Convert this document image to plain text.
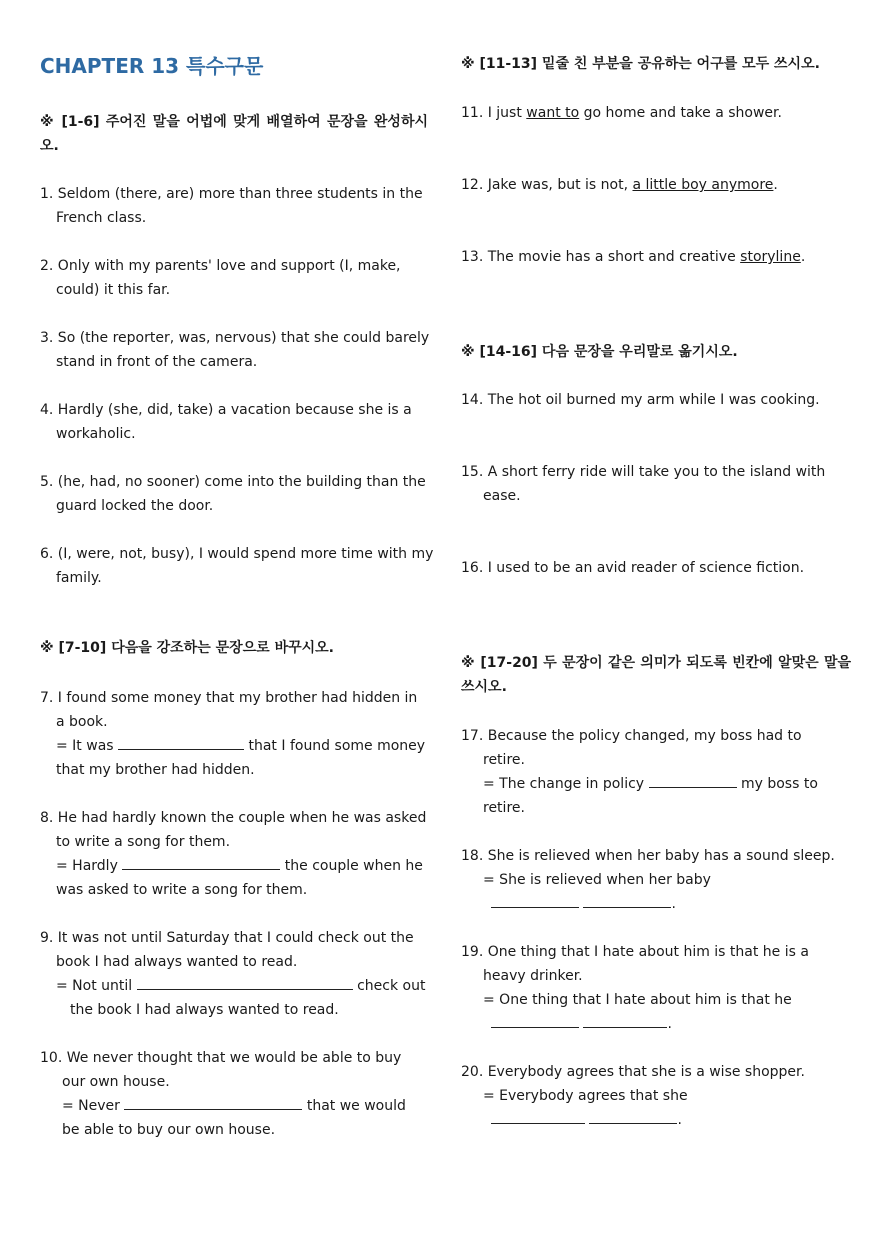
CHAPTER 13 특수구문
※ [1-6] 주어진 말을 어법에 맞게 배열하여 문장을 완성하시오.
1. Seldom (there, are) more than three students in the
French class.
2. Only with my parents' love and support (I, make,
could) it this far.
3. So (the reporter, was, nervous) that she could barely
stand in front of the camera.
4. Hardly (she, did, take) a vacation because she is a
workaholic.
5. (he, had, no sooner) come into the building than the
guard locked the door.
6. (I, were, not, busy), I would spend more time with my
family.
※ [7-10] 다음을 강조하는 문장으로 바꾸시오.
7. I found some money that my brother had hidden in
a book.
= It was	that I found some money
that my brother had hidden.
8. He had hardly known the couple when he was asked
to write a song for them.
= Hardly	the couple when he
was asked to write a song for them.
9. It was not until Saturday that I could check out the
book I had always wanted to read.
= Not until	check out
the book I had always wanted to read.
10. We never thought that we would be able to buy
our own house.
= Never	that we would
be able to buy our own house.
※ [11-13] 밑줄 친 부분을 공유하는 어구를 모두 쓰시오.
11. I just want to go home and take a shower.
12. Jake was, but is not, a little boy anymore.
13. The movie has a short and creative storyline.
※ [14-16] 다음 문장을 우리말로 옮기시오.
14. The hot oil burned my arm while I was cooking.
15. A short ferry ride will take you to the island with
ease.
16. I used to be an avid reader of science fiction.
※ [17-20] 두 문장이 같은 의미가 되도록 빈칸에 알맞은 말을 쓰시오.
17. Because the policy changed, my boss had to
retire.
= The change in policy	my boss to
retire.
18. She is relieved when her baby has a sound sleep.
= She is relieved when her baby
.
19. One thing that I hate about him is that he is a
heavy drinker.
= One thing that I hate about him is that he
.
20. Everybody agrees that she is a wise shopper.
= Everybody agrees that she
.
